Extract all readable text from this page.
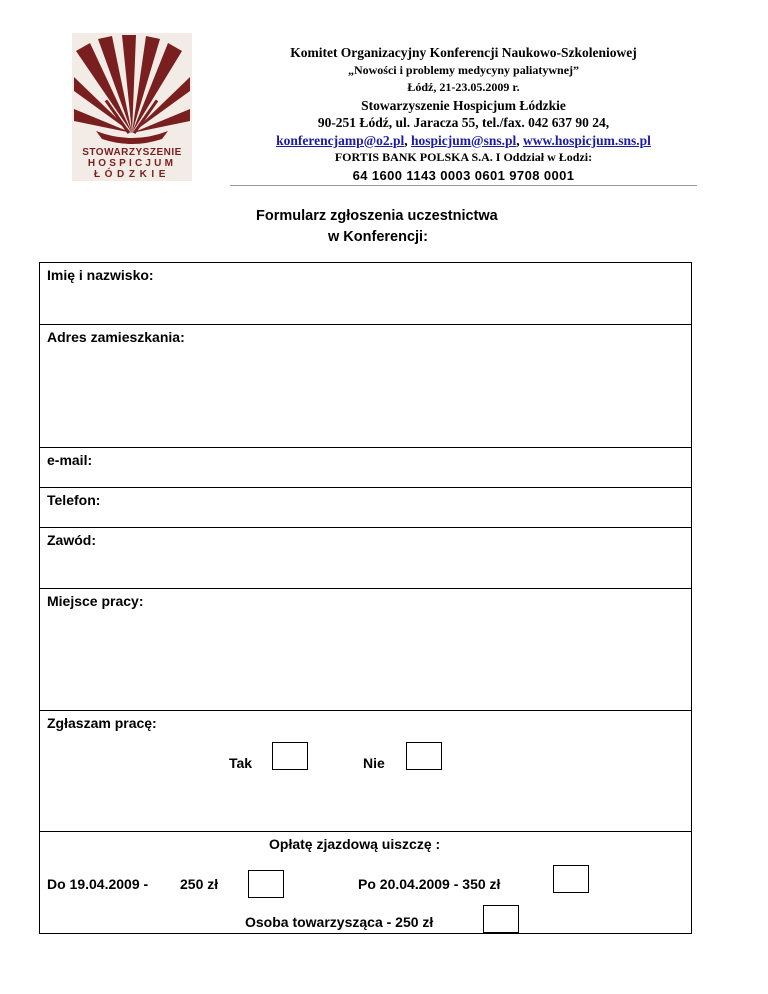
STOWARZYSZENIE
HOSPICJUM
ŁÓDZKIE
Komitet Organizacyjny Konferencji Naukowo-Szkoleniowej
„Nowości i problemy medycyny paliatywnej”
Łódź, 21-23.05.2009 r.
Stowarzyszenie Hospicjum Łódzkie
90-251 Łódź, ul. Jaracza 55, tel./fax. 042 637 90 24,
konferencjamp@o2.pl, hospicjum@sns.pl, www.hospicjum.sns.pl
FORTIS BANK POLSKA S.A. I Oddział w Łodzi:
64 1600 1143 0003 0601 9708 0001
Formularz zgłoszenia uczestnictwa
w Konferencji:
Imię i nazwisko:
Adres zamieszkania:
e-mail:
Telefon:
Zawód:
Miejsce pracy:
Zgłaszam pracę:
Tak	Nie
Opłatę zjazdową uiszczę :
Do 19.04.2009 - 250 zł	Po 20.04.2009 - 350 zł
Osoba towarzysząca - 250 zł
